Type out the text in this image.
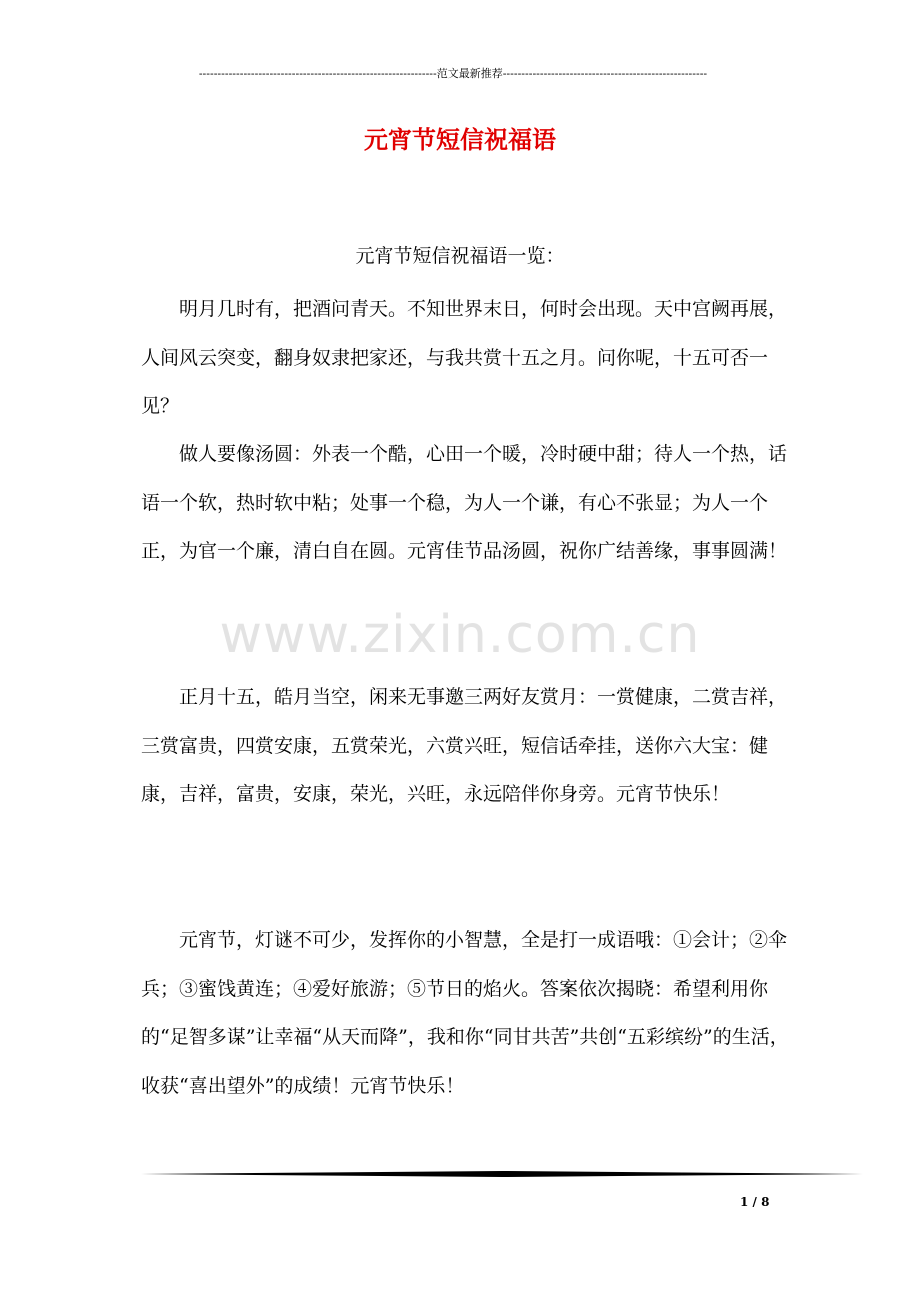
----------------------------------------------------------------范文最新推荐-------------------------------------------------------
元宵节短信祝福语
元宵节短信祝福语一览：
www.zixin.com.cn

明月几时有，把酒问青天。不知世界末日，何时会出现。天中宫阙再展，人间风云突变，翻身奴隶把家还，与我共赏十五之月。问你呢，十五可否一见？

做人要像汤圆：外表一个酷，心田一个暖，冷时硬中甜；待人一个热，话语一个软，热时软中粘；处事一个稳，为人一个谦，有心不张显；为人一个正，为官一个廉，清白自在圆。元宵佳节品汤圆，祝你广结善缘，事事圆满！

正月十五，皓月当空，闲来无事邀三两好友赏月：一赏健康，二赏吉祥，三赏富贵，四赏安康，五赏荣光，六赏兴旺，短信话牵挂，送你六大宝：健康，吉祥，富贵，安康，荣光，兴旺，永远陪伴你身旁。元宵节快乐！

元宵节，灯谜不可少，发挥你的小智慧，全是打一成语哦：①会计；②伞兵；③蜜饯黄连；④爱好旅游；⑤节日的焰火。答案依次揭晓：希望利用你的“足智多谋”让幸福“从天而降”，我和你“同甘共苦”共创“五彩缤纷”的生活，收获“喜出望外”的成绩！元宵节快乐！

1 / 8
